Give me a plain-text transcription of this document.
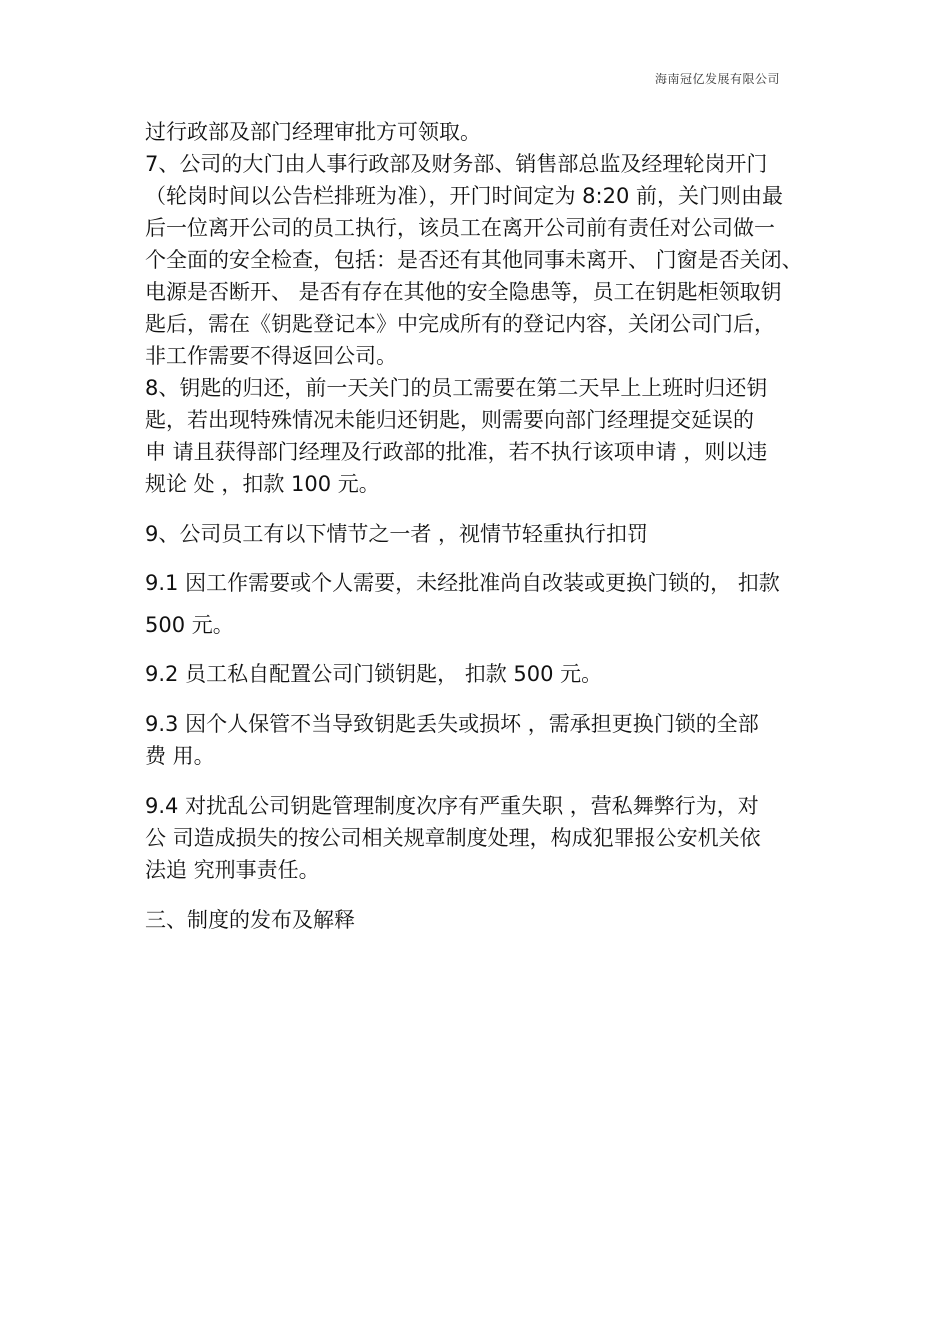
海南冠亿发展有限公司

过行政部及部门经理审批方可领取。

7、公司的大门由人事行政部及财务部、销售部总监及经理轮岗开门
（轮岗时间以公告栏排班为准），开门时间定为 8:20 前，关门则由最
后一位离开公司的员工执行，该员工在离开公司前有责任对公司做一
个全面的安全检查，包括：是否还有其他同事未离开、 门窗是否关闭、
电源是否断开、 是否有存在其他的安全隐患等，员工在钥匙柜领取钥
匙后，需在《钥匙登记本》中完成所有的登记内容，关闭公司门后，
非工作需要不得返回公司。

8、钥匙的归还，前一天关门的员工需要在第二天早上上班时归还钥
匙，若出现特殊情况未能归还钥匙，则需要向部门经理提交延误的
申 请且获得部门经理及行政部的批准，若不执行该项申请 ，则以违
规论 处 ，扣款 100 元。

9、公司员工有以下情节之一者 ，视情节轻重执行扣罚

9.1 因工作需要或个人需要，未经批准尚自改装或更换门锁的， 扣款
500 元。

9.2 员工私自配置公司门锁钥匙， 扣款 500 元。

9.3 因个人保管不当导致钥匙丢失或损坏 ，需承担更换门锁的全部
费 用。

9.4 对扰乱公司钥匙管理制度次序有严重失职 ，营私舞弊行为，对
公 司造成损失的按公司相关规章制度处理，构成犯罪报公安机关依
法追 究刑事责任。

三、制度的发布及解释
